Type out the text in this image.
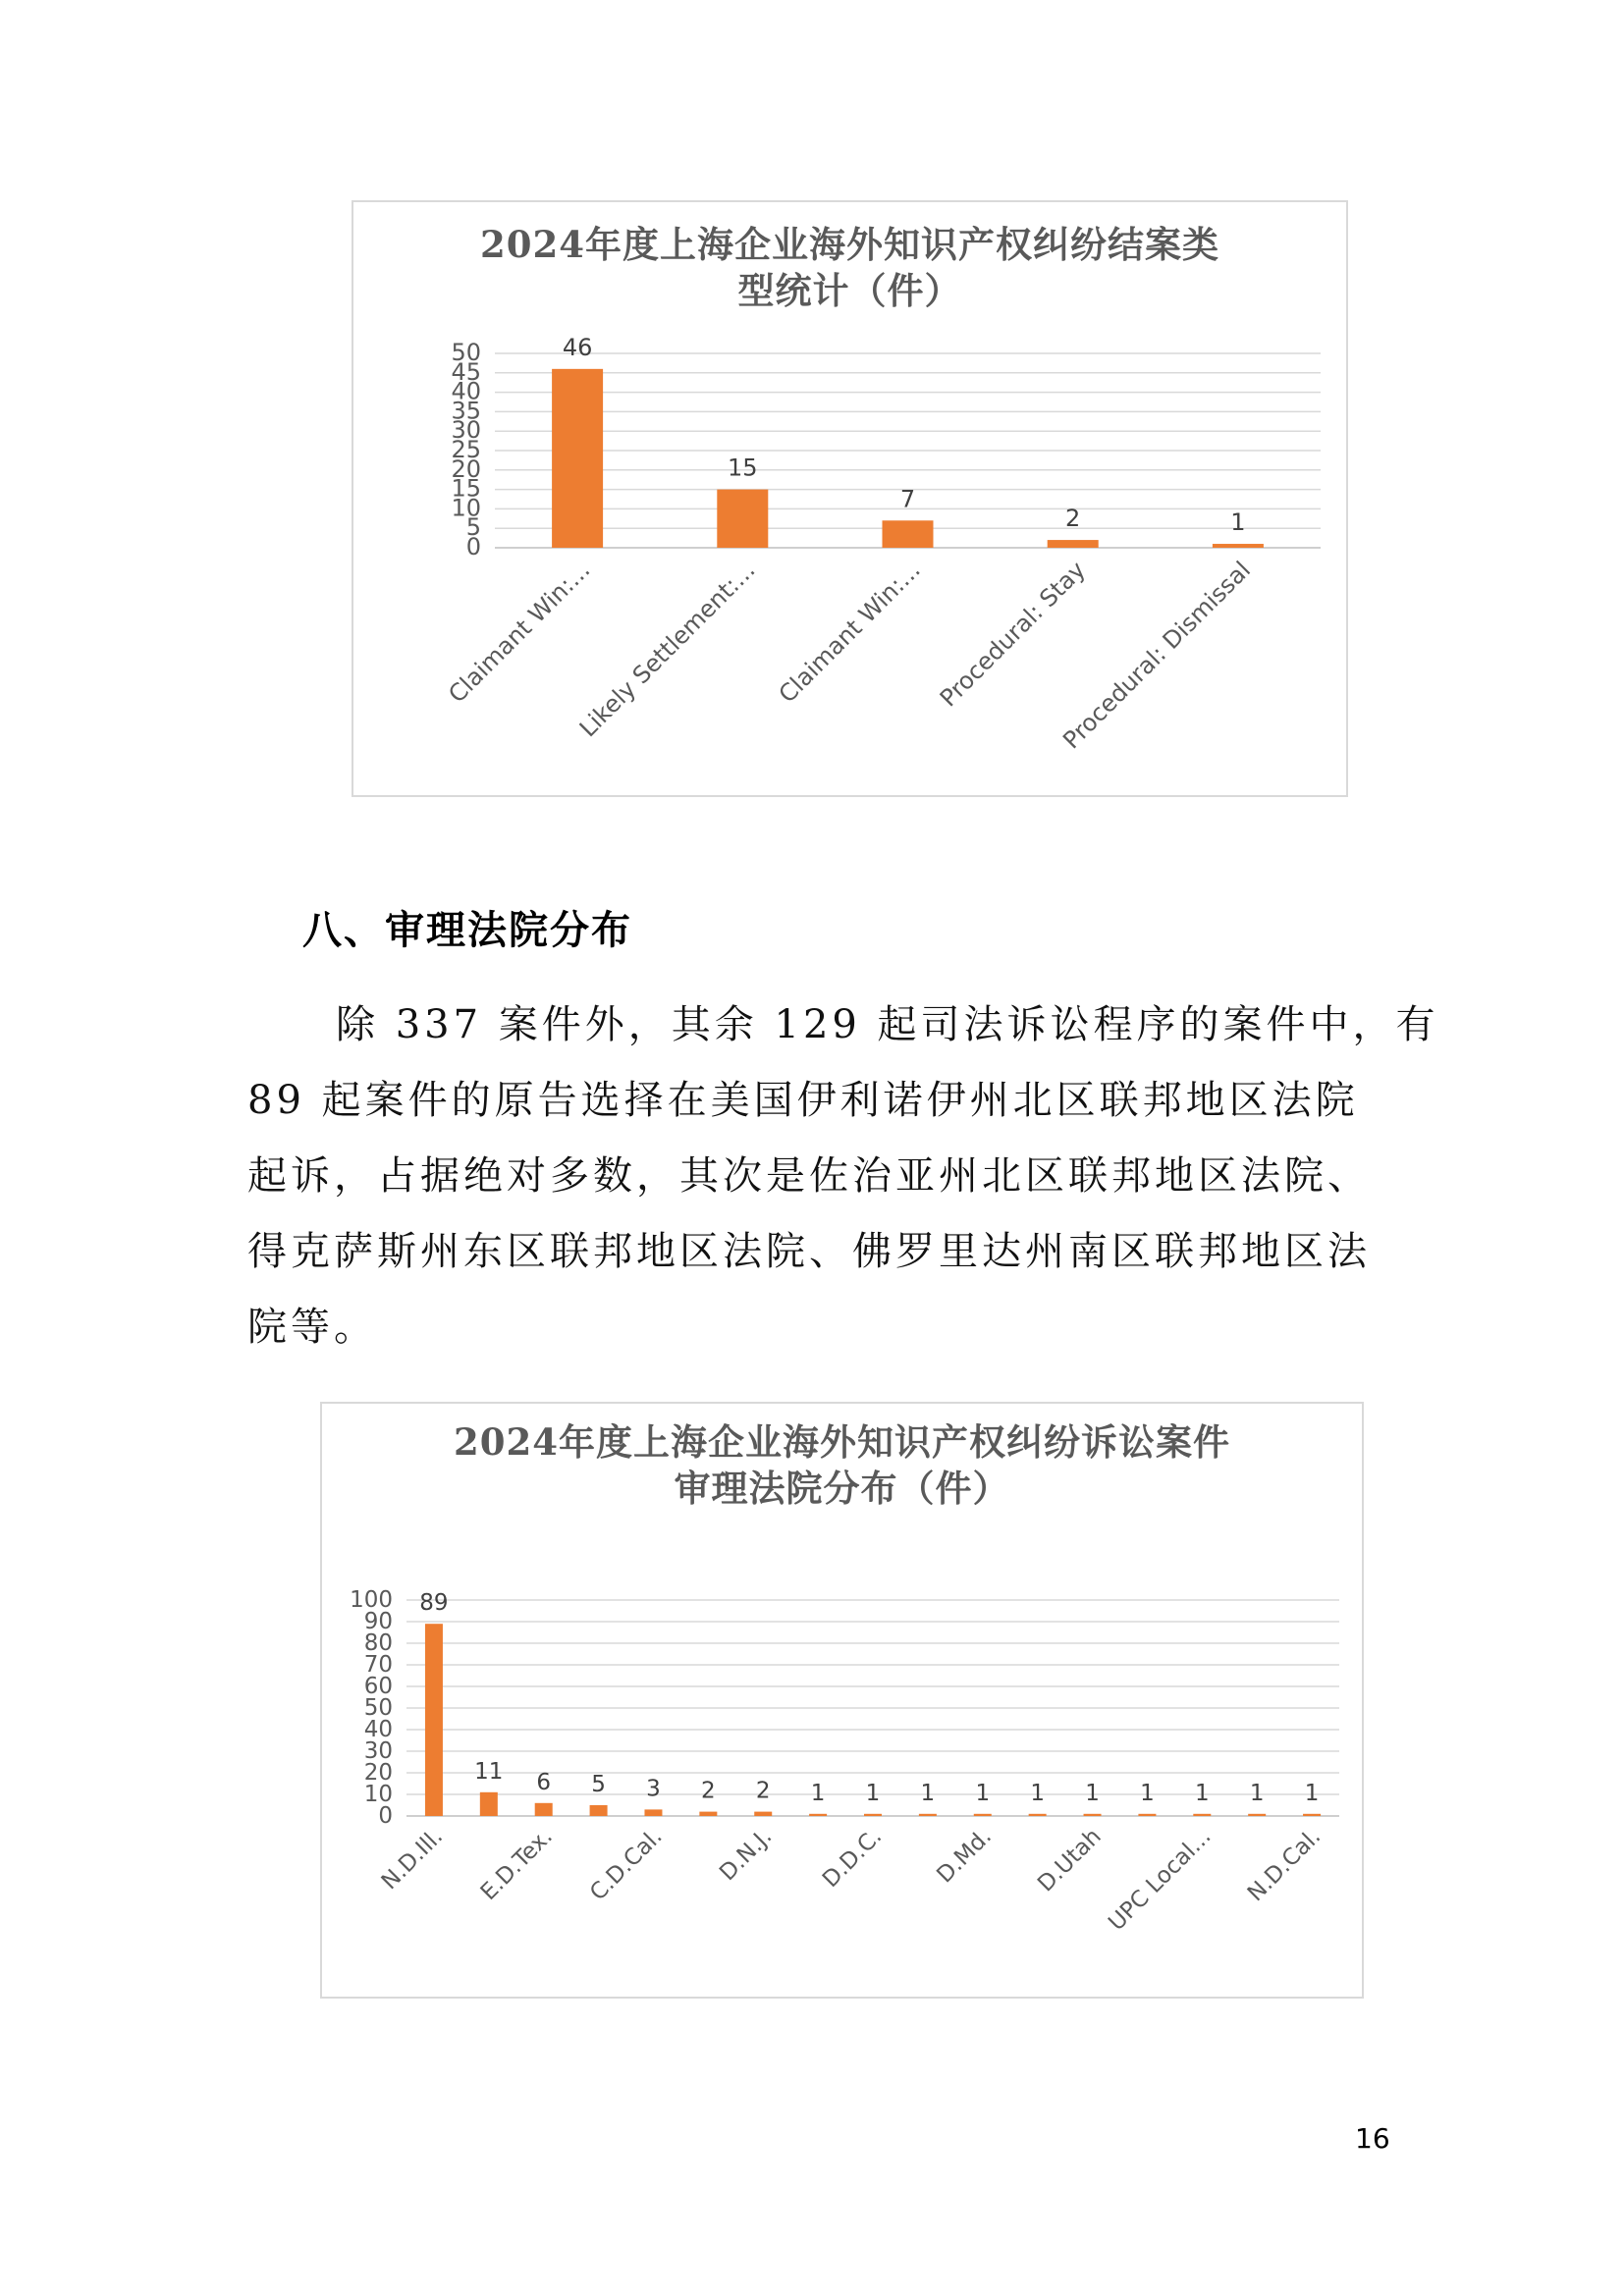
2024年度上海企业海外知识产权纠纷结案类
型统计（件）
0
5
10
15
20
25
30
35
40
45
50	46
Claimant Win:...
15
Likely Settlement:...
7
Claimant Win:...
2
Procedural: Stay
1
Procedural: Dismissal
八、审理法院分布
除 337 案件外，其余 129 起司法诉讼程序的案件中，有
89 起案件的原告选择在美国伊利诺伊州北区联邦地区法院
起诉，占据绝对多数，其次是佐治亚州北区联邦地区法院、
得克萨斯州东区联邦地区法院、佛罗里达州南区联邦地区法
院等。
2024年度上海企业海外知识产权纠纷诉讼案件
审理法院分布（件）
0
10
20
30
40
50
60
70
80
90
100 89
N.D.Ill.
11 6
E.D.Tex.
5 3
C.D.Cal.
2 2
D.N.J.
1 1
D.D.C.
1 1
D.Md.
1 1
D.Utah
1 1
UPC Local...
1 1
N.D.Cal.
16
